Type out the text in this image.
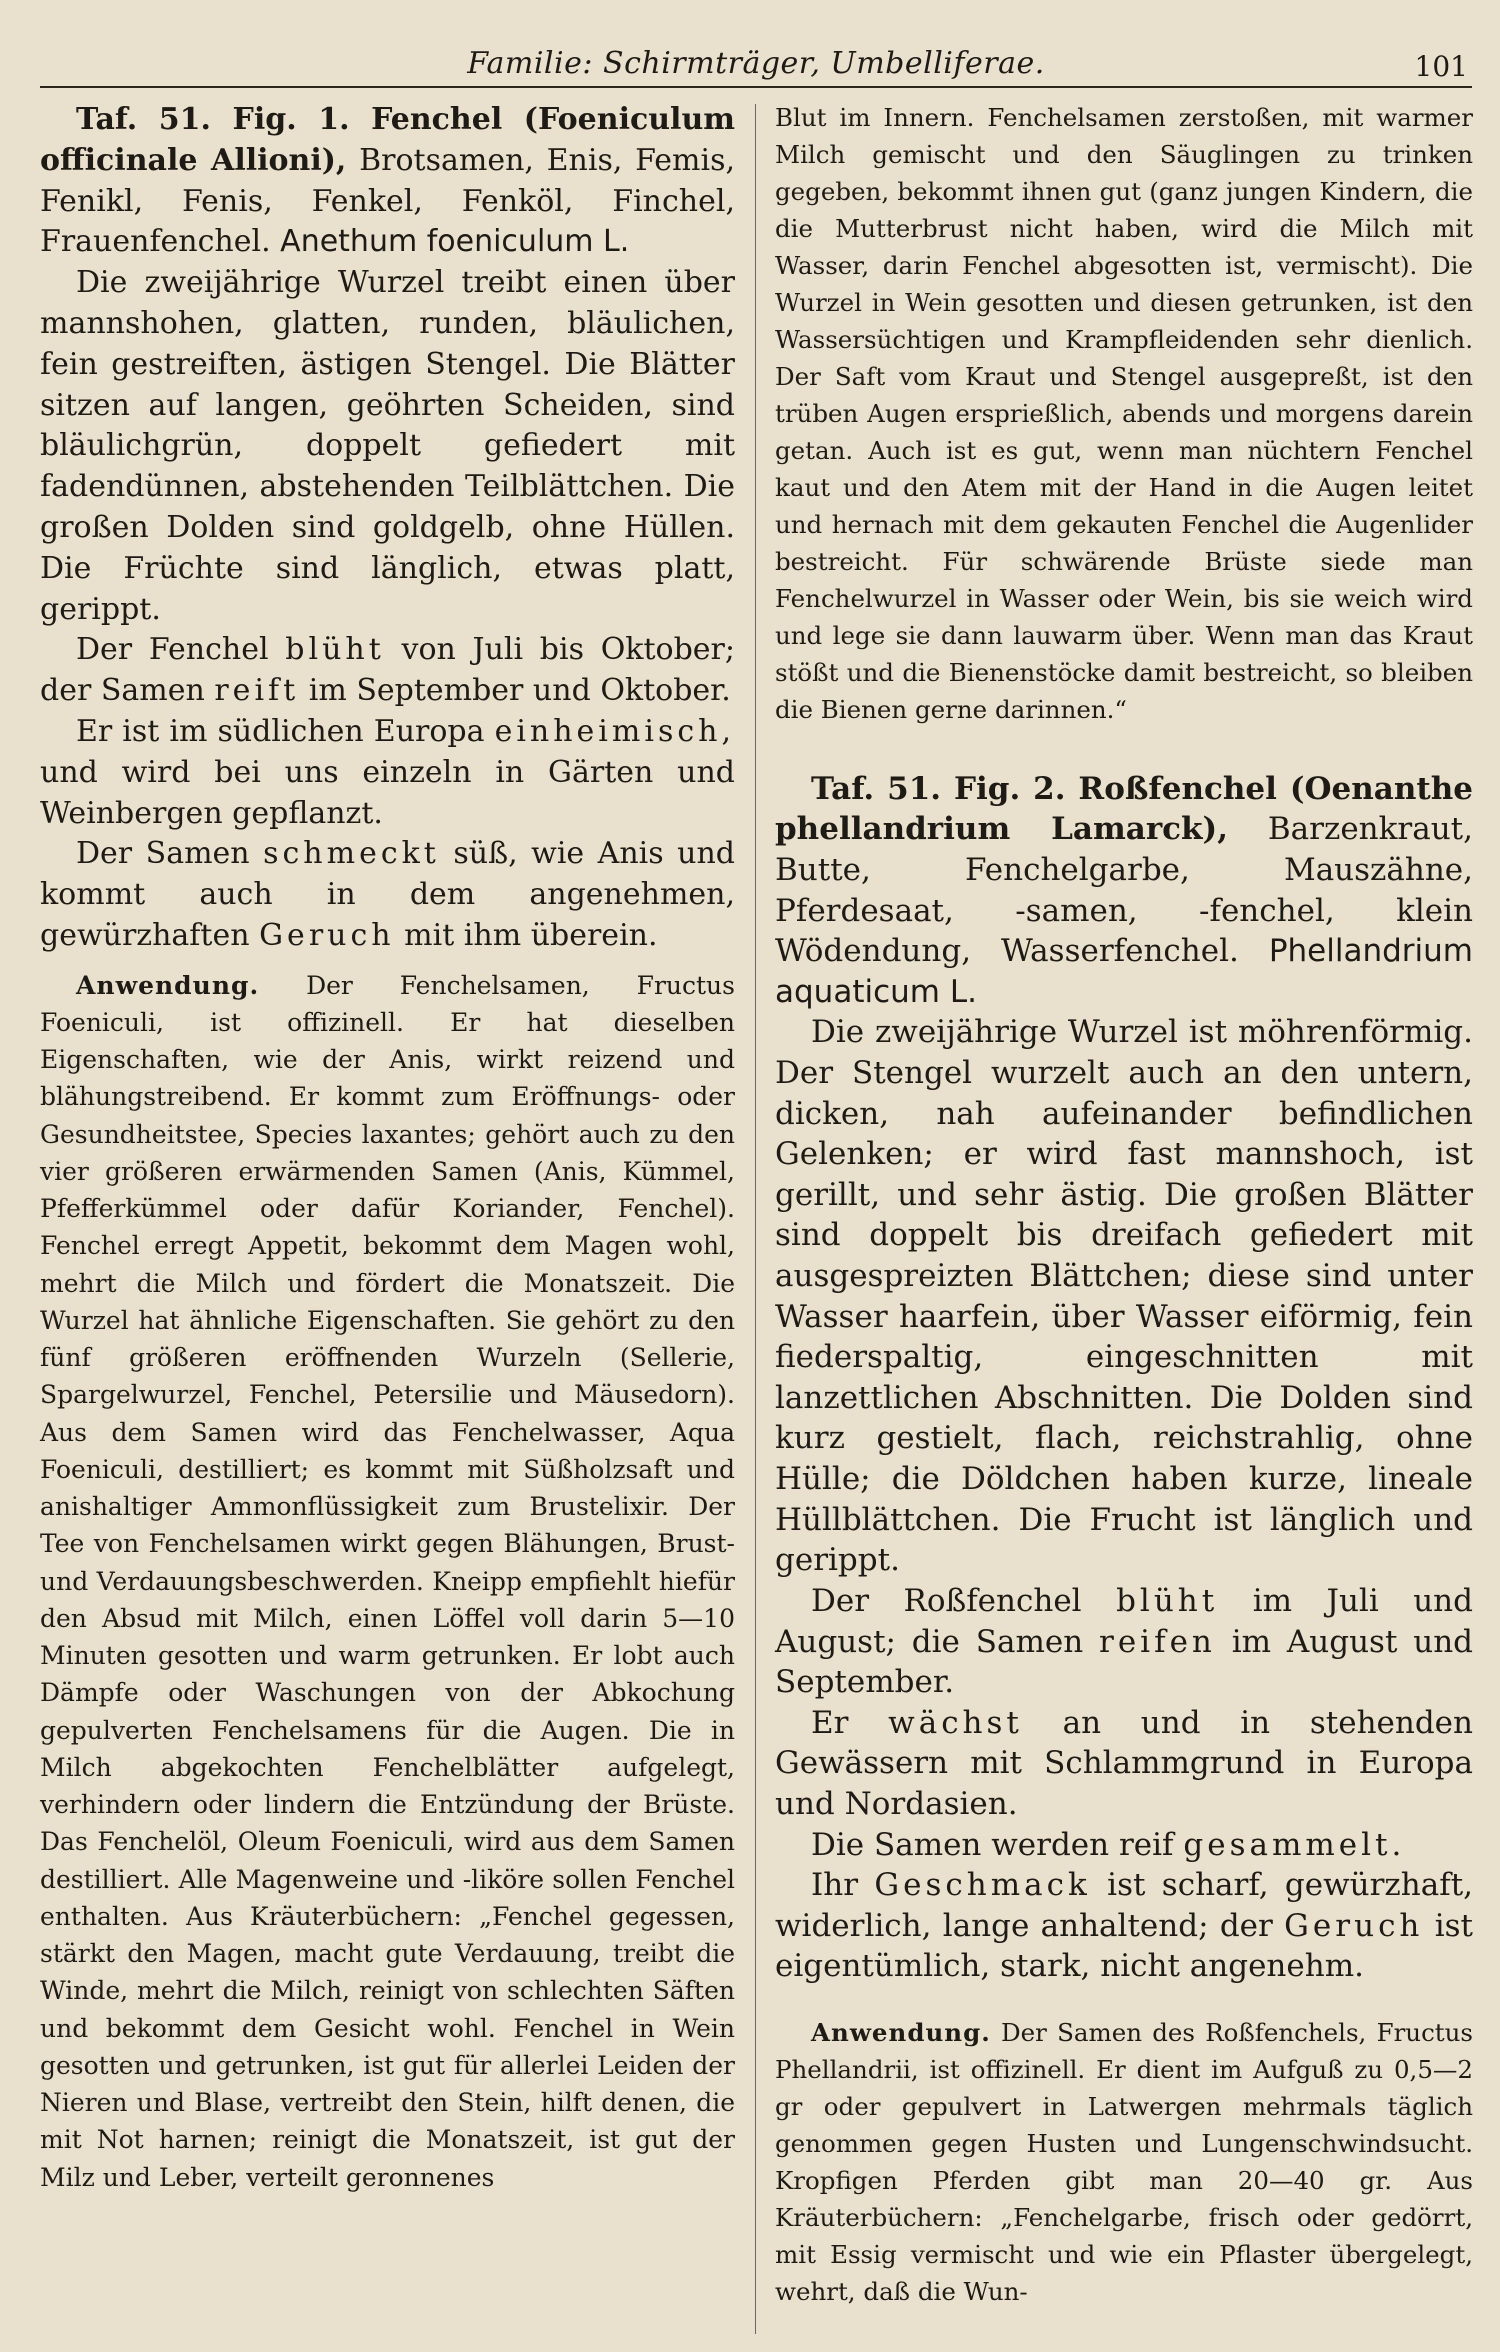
Familie: Schirmträger, Umbelliferae.	101

Taf. 51. Fig. 1. Fenchel (Foeniculum officinale Allioni), Brotsamen, Enis, Femis, Fenikl, Fenis, Fenkel, Fenköl, Finchel, Frauenfenchel. Anethum foeniculum L.

Die zweijährige Wurzel treibt einen über mannshohen, glatten, runden, bläulichen, fein gestreiften, ästigen Stengel. Die Blätter sitzen auf langen, geöhrten Scheiden, sind bläulichgrün, doppelt gefiedert mit fadendünnen, abstehenden Teilblättchen. Die großen Dolden sind goldgelb, ohne Hüllen. Die Früchte sind länglich, etwas platt, gerippt.

Der Fenchel blüht von Juli bis Oktober; der Samen reift im September und Oktober.

Er ist im südlichen Europa einheimisch, und wird bei uns einzeln in Gärten und Weinbergen gepflanzt.

Der Samen schmeckt süß, wie Anis und kommt auch in dem angenehmen, gewürzhaften Geruch mit ihm überein.

Anwendung. Der Fenchelsamen, Fructus Foeniculi, ist offizinell. Er hat dieselben Eigenschaften, wie der Anis, wirkt reizend und blähungstreibend. Er kommt zum Eröffnungs- oder Gesundheitstee, Species laxantes; gehört auch zu den vier größeren erwärmenden Samen (Anis, Kümmel, Pfefferkümmel oder dafür Koriander, Fenchel). Fenchel erregt Appetit, bekommt dem Magen wohl, mehrt die Milch und fördert die Monatszeit. Die Wurzel hat ähnliche Eigenschaften. Sie gehört zu den fünf größeren eröffnenden Wurzeln (Sellerie, Spargelwurzel, Fenchel, Petersilie und Mäusedorn). Aus dem Samen wird das Fenchelwasser, Aqua Foeniculi, destilliert; es kommt mit Süßholzsaft und anishaltiger Ammonflüssigkeit zum Brustelixir. Der Tee von Fenchelsamen wirkt gegen Blähungen, Brust- und Verdauungsbeschwerden. Kneipp empfiehlt hiefür den Absud mit Milch, einen Löffel voll darin 5—10 Minuten gesotten und warm getrunken. Er lobt auch Dämpfe oder Waschungen von der Abkochung gepulverten Fenchelsamens für die Augen. Die in Milch abgekochten Fenchelblätter aufgelegt, verhindern oder lindern die Entzündung der Brüste. Das Fenchelöl, Oleum Foeniculi, wird aus dem Samen destilliert. Alle Magenweine und -liköre sollen Fenchel enthalten. Aus Kräuterbüchern: „Fenchel gegessen, stärkt den Magen, macht gute Verdauung, treibt die Winde, mehrt die Milch, reinigt von schlechten Säften und bekommt dem Gesicht wohl. Fenchel in Wein gesotten und getrunken, ist gut für allerlei Leiden der Nieren und Blase, vertreibt den Stein, hilft denen, die mit Not harnen; reinigt die Monatszeit, ist gut der Milz und Leber, verteilt geronnenes

Blut im Innern. Fenchelsamen zerstoßen, mit warmer Milch gemischt und den Säuglingen zu trinken gegeben, bekommt ihnen gut (ganz jungen Kindern, die die Mutterbrust nicht haben, wird die Milch mit Wasser, darin Fenchel abgesotten ist, vermischt). Die Wurzel in Wein gesotten und diesen getrunken, ist den Wassersüchtigen und Krampfleidenden sehr dienlich. Der Saft vom Kraut und Stengel ausgepreßt, ist den trüben Augen ersprießlich, abends und morgens darein getan. Auch ist es gut, wenn man nüchtern Fenchel kaut und den Atem mit der Hand in die Augen leitet und hernach mit dem gekauten Fenchel die Augenlider bestreicht. Für schwärende Brüste siede man Fenchelwurzel in Wasser oder Wein, bis sie weich wird und lege sie dann lauwarm über. Wenn man das Kraut stößt und die Bienenstöcke damit bestreicht, so bleiben die Bienen gerne darinnen.“

Taf. 51. Fig. 2. Roßfenchel (Oenanthe phellandrium Lamarck), Barzenkraut, Butte, Fenchelgarbe, Mauszähne, Pferdesaat, -samen, -fenchel, klein Wödendung, Wasserfenchel. Phellandrium aquaticum L.

Die zweijährige Wurzel ist möhrenförmig. Der Stengel wurzelt auch an den untern, dicken, nah aufeinander befindlichen Gelenken; er wird fast mannshoch, ist gerillt, und sehr ästig. Die großen Blätter sind doppelt bis dreifach gefiedert mit ausgespreizten Blättchen; diese sind unter Wasser haarfein, über Wasser eiförmig, fein fiederspaltig, eingeschnitten mit lanzettlichen Abschnitten. Die Dolden sind kurz gestielt, flach, reichstrahlig, ohne Hülle; die Döldchen haben kurze, lineale Hüllblättchen. Die Frucht ist länglich und gerippt.

Der Roßfenchel blüht im Juli und August; die Samen reifen im August und September.

Er wächst an und in stehenden Gewässern mit Schlammgrund in Europa und Nordasien.

Die Samen werden reif gesammelt.

Ihr Geschmack ist scharf, gewürzhaft, widerlich, lange anhaltend; der Geruch ist eigentümlich, stark, nicht angenehm.

Anwendung. Der Samen des Roßfenchels, Fructus Phellandrii, ist offizinell. Er dient im Aufguß zu 0,5—2 gr oder gepulvert in Latwergen mehrmals täglich genommen gegen Husten und Lungenschwindsucht. Kropfigen Pferden gibt man 20—40 gr. Aus Kräuterbüchern: „Fenchelgarbe, frisch oder gedörrt, mit Essig vermischt und wie ein Pflaster übergelegt, wehrt, daß die Wun-
